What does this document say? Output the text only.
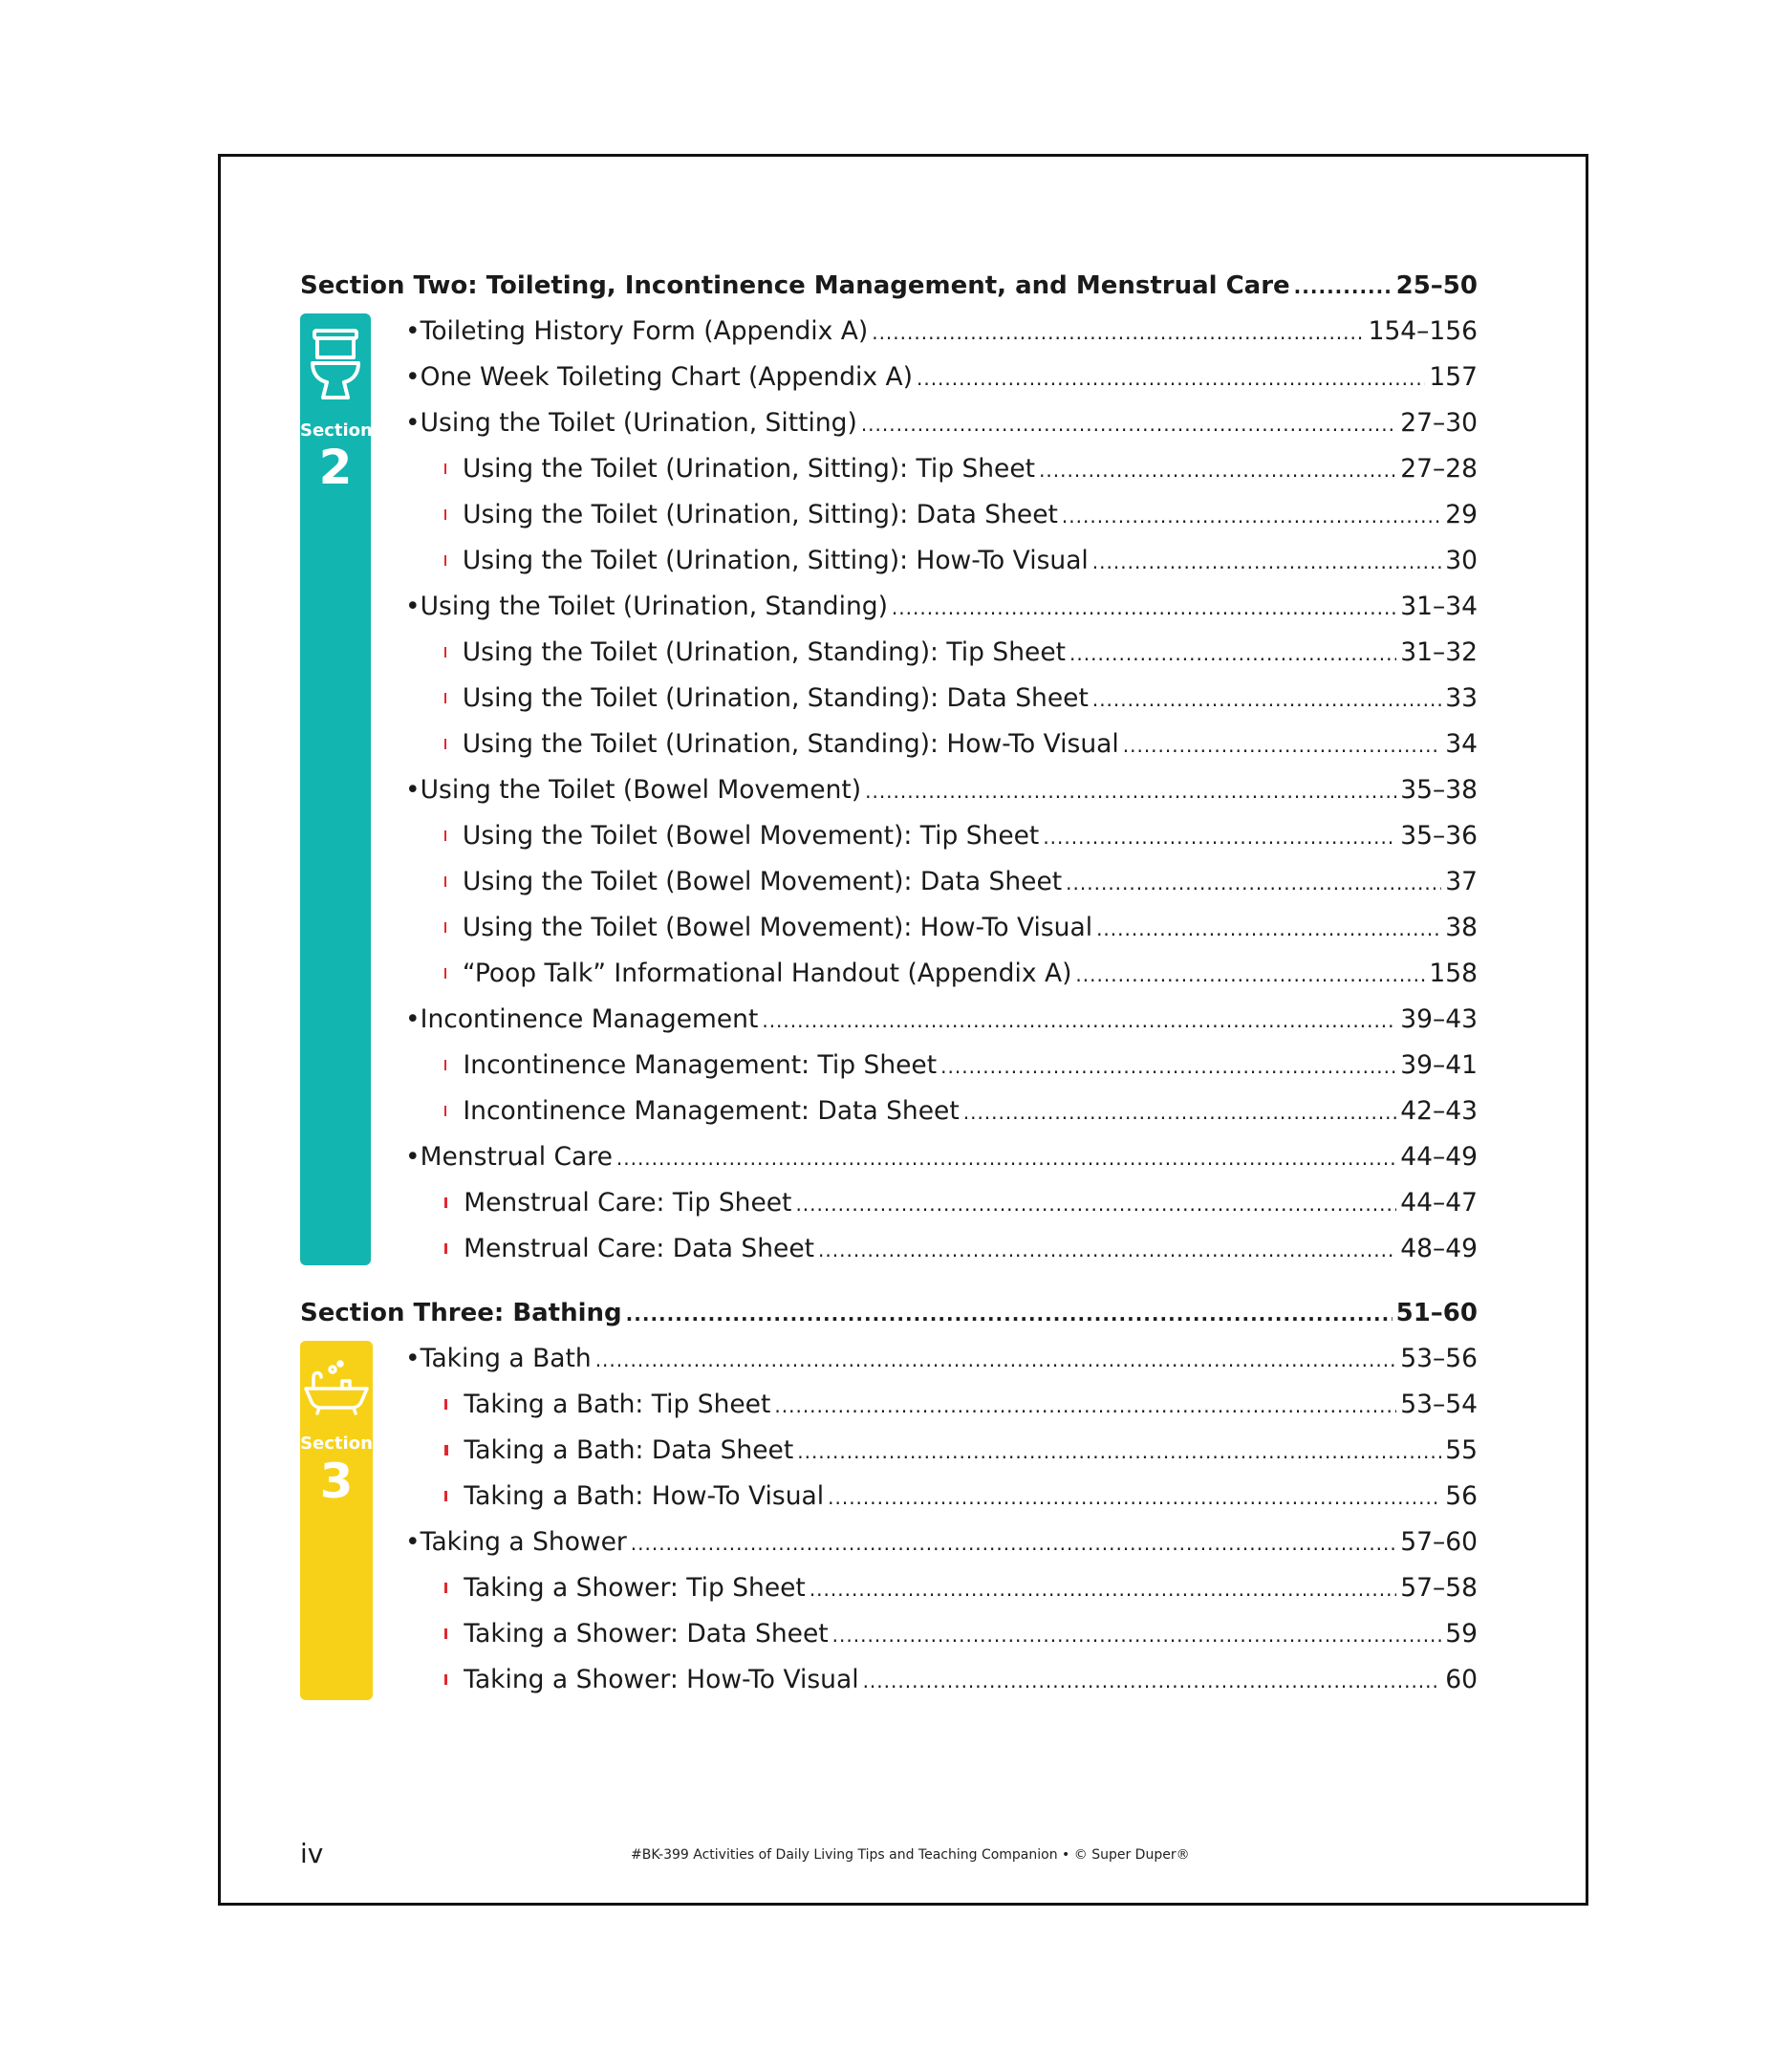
Section Two: Toileting, Incontinence Management, and Menstrual Care .....	25–50
Section
2
• Toileting History Form (Appendix A) .....	154–156
• One Week Toileting Chart (Appendix A) .....	157
• Using the Toilet (Urination, Sitting) .....	27–30
Using the Toilet (Urination, Sitting): Tip Sheet .....	27–28
Using the Toilet (Urination, Sitting): Data Sheet .....	29
Using the Toilet (Urination, Sitting): How-To Visual .....	30
• Using the Toilet (Urination, Standing) .....	31–34
Using the Toilet (Urination, Standing): Tip Sheet .....	31–32
Using the Toilet (Urination, Standing): Data Sheet .....	33
Using the Toilet (Urination, Standing): How-To Visual .....	34
• Using the Toilet (Bowel Movement) .....	35–38
Using the Toilet (Bowel Movement): Tip Sheet .....	35–36
Using the Toilet (Bowel Movement): Data Sheet .....	37
Using the Toilet (Bowel Movement): How-To Visual .....	38
“Poop Talk” Informational Handout (Appendix A) .....	158
• Incontinence Management .....	39–43
Incontinence Management: Tip Sheet .....	39–41
Incontinence Management: Data Sheet .....	42–43
• Menstrual Care .....	44–49
Menstrual Care: Tip Sheet .....	44–47
Menstrual Care: Data Sheet .....	48–49
Section Three: Bathing .....	51–60
Section
3
• Taking a Bath .....	53–56
Taking a Bath: Tip Sheet .....	53–54
Taking a Bath: Data Sheet .....	55
Taking a Bath: How-To Visual .....	56
• Taking a Shower .....	57–60
Taking a Shower: Tip Sheet .....	57–58
Taking a Shower: Data Sheet .....	59
Taking a Shower: How-To Visual .....	60
iv	#BK-399 Activities of Daily Living Tips and Teaching Companion • © Super Duper®
